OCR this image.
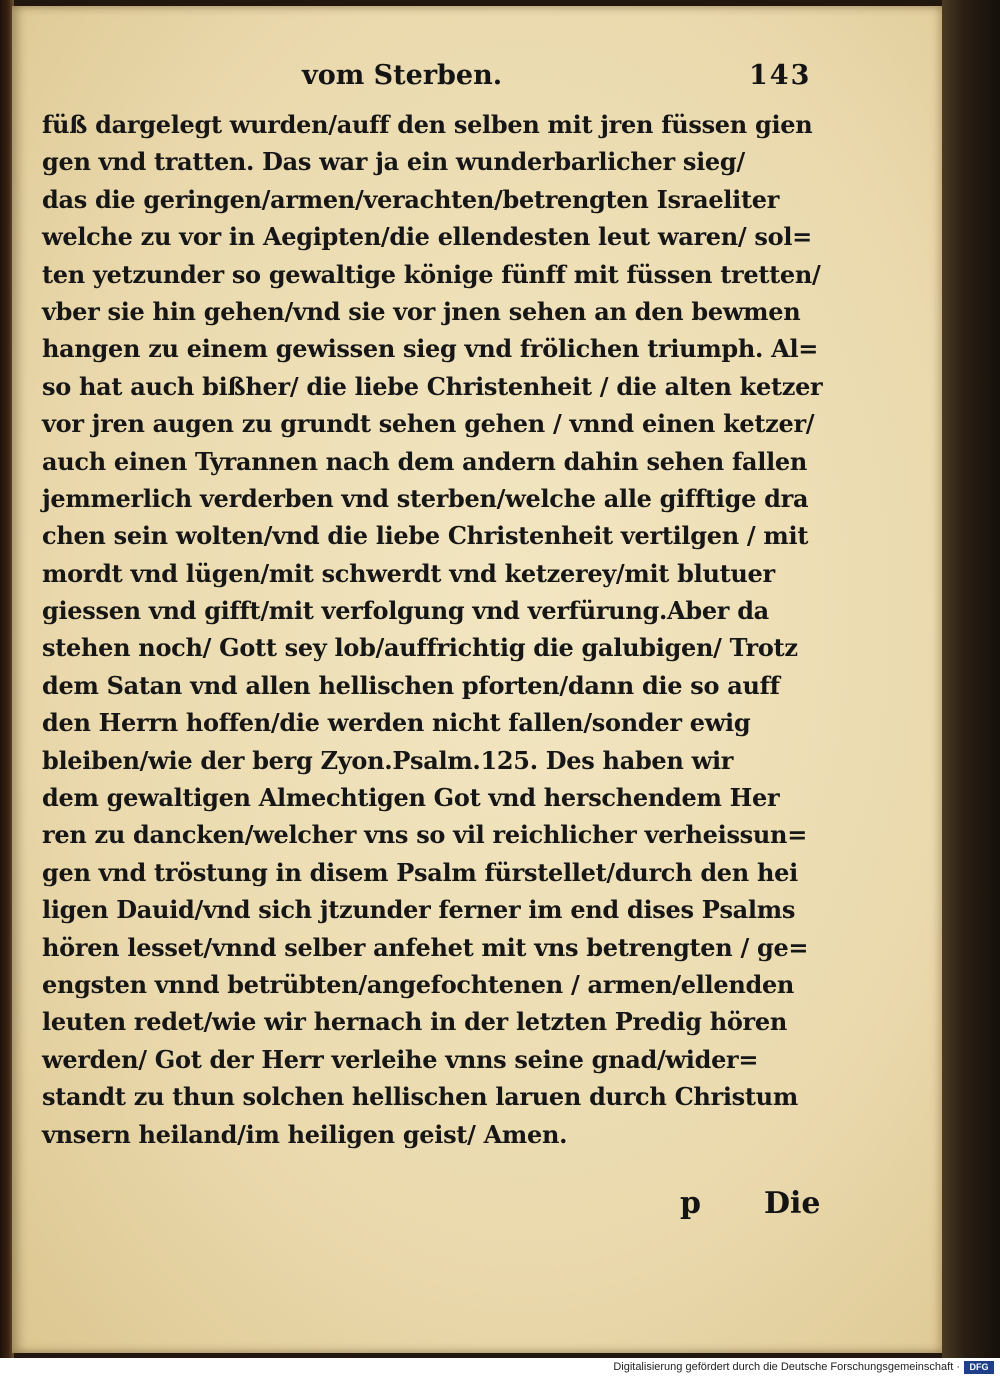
vom Sterben.	143
füß dargelegt wurden/auff den selben mit jren füssen gien
gen vnd tratten. Das war ja ein wunderbarlicher sieg/
das die geringen/armen/verachten/betrengten Israeliter
welche zu vor in Aegipten/die ellendesten leut waren/ sol=
ten yetzunder so gewaltige könige fünff mit füssen tretten/
vber sie hin gehen/vnd sie vor jnen sehen an den bewmen
hangen zu einem gewissen sieg vnd frölichen triumph. Al=
so hat auch bißher/ die liebe Christenheit / die alten ketzer
vor jren augen zu grundt sehen gehen / vnnd einen ketzer/
auch einen Tyrannen nach dem andern dahin sehen fallen
jemmerlich verderben vnd sterben/welche alle gifftige dra
chen sein wolten/vnd die liebe Christenheit vertilgen / mit
mordt vnd lügen/mit schwerdt vnd ketzerey/mit blutuer
giessen vnd gifft/mit verfolgung vnd verfürung.Aber da
stehen noch/ Gott sey lob/auffrichtig die galubigen/ Trotz
dem Satan vnd allen hellischen pforten/dann die so auff
den Herrn hoffen/die werden nicht fallen/sonder ewig
bleiben/wie der berg Zyon.Psalm.125. Des haben wir
dem gewaltigen Almechtigen Got vnd herschendem Her
ren zu dancken/welcher vns so vil reichlicher verheissun=
gen vnd tröstung in disem Psalm fürstellet/durch den hei
ligen Dauid/vnd sich jtzunder ferner im end dises Psalms
hören lesset/vnnd selber anfehet mit vns betrengten / ge=
engsten vnnd betrübten/angefochtenen / armen/ellenden
leuten redet/wie wir hernach in der letzten Predig hören
werden/ Got der Herr verleihe vnns seine gnad/wider=
standt zu thun solchen hellischen laruen durch Christum
vnsern heiland/im heiligen geist/ Amen.
p Die
Digitalisierung gefördert durch die Deutsche Forschungsgemeinschaft ·	DFG
